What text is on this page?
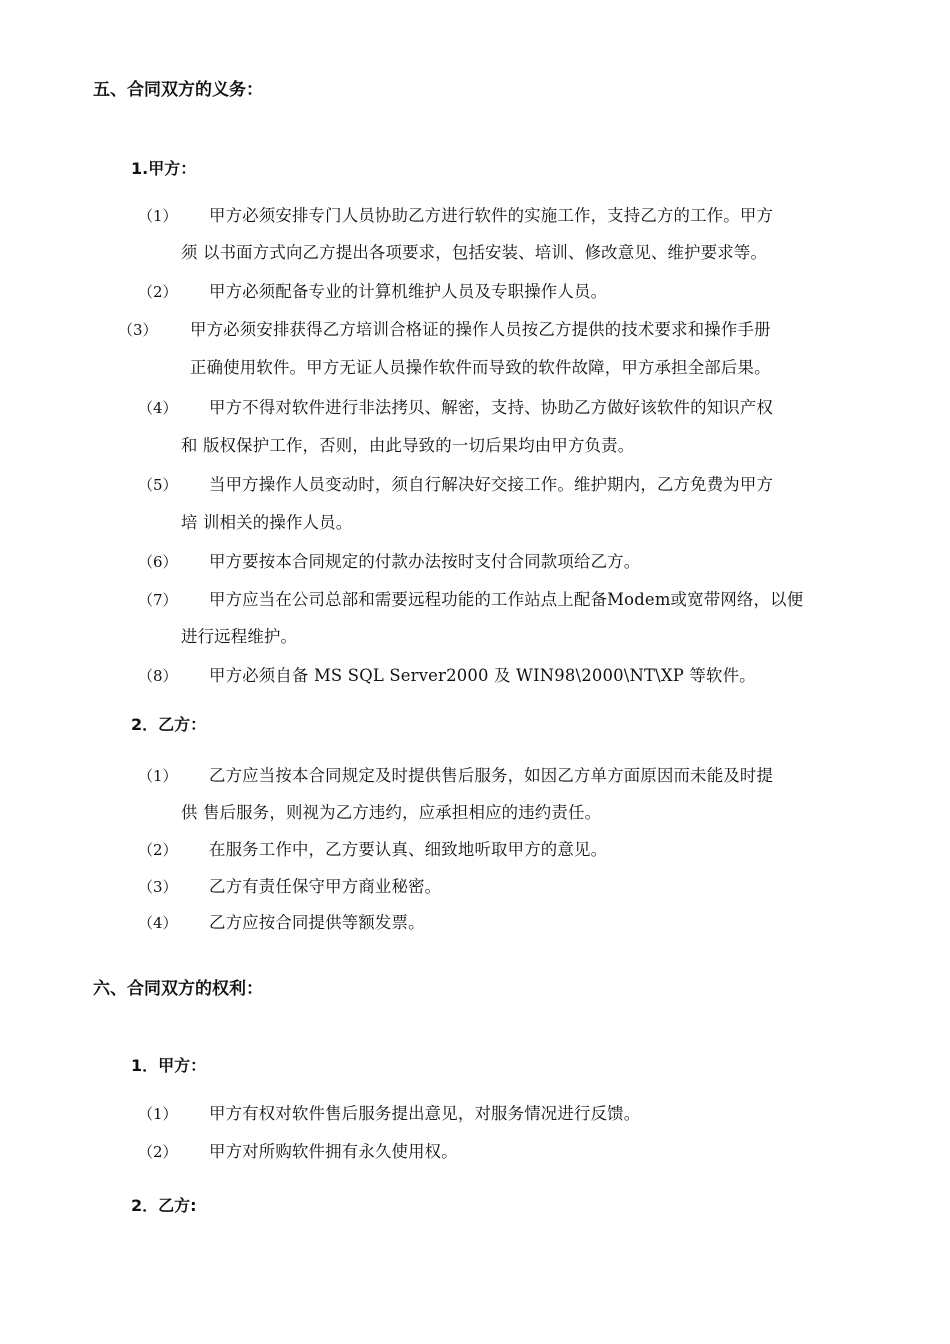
五、合同双方的义务：
1.甲方：
（1） 甲方必须安排专门人员协助乙方进行软件的实施工作，支持乙方的工作。甲方
须 以书面方式向乙方提出各项要求，包括安装、培训、修改意见、维护要求等。
（2） 甲方必须配备专业的计算机维护人员及专职操作人员。
（3） 甲方必须安排获得乙方培训合格证的操作人员按乙方提供的技术要求和操作手册
正确使用软件。甲方无证人员操作软件而导致的软件故障，甲方承担全部后果。
（4） 甲方不得对软件进行非法拷贝、解密，支持、协助乙方做好该软件的知识产权
和 版权保护工作，否则，由此导致的一切后果均由甲方负责。
（5） 当甲方操作人员变动时，须自行解决好交接工作。维护期内，乙方免费为甲方
培 训相关的操作人员。
（6） 甲方要按本合同规定的付款办法按时支付合同款项给乙方。
（7） 甲方应当在公司总部和需要远程功能的工作站点上配备Modem或宽带网络，以便
进行远程维护。
（8） 甲方必须自备 MS SQL Server2000 及 WIN98\2000\NT\XP 等软件。
2．乙方：
（1） 乙方应当按本合同规定及时提供售后服务，如因乙方单方面原因而未能及时提
供 售后服务，则视为乙方违约，应承担相应的违约责任。
（2） 在服务工作中，乙方要认真、细致地听取甲方的意见。
（3） 乙方有责任保守甲方商业秘密。
（4） 乙方应按合同提供等额发票。
六、合同双方的权利：
1．甲方：
（1） 甲方有权对软件售后服务提出意见，对服务情况进行反馈。
（2） 甲方对所购软件拥有永久使用权。
2．乙方:
